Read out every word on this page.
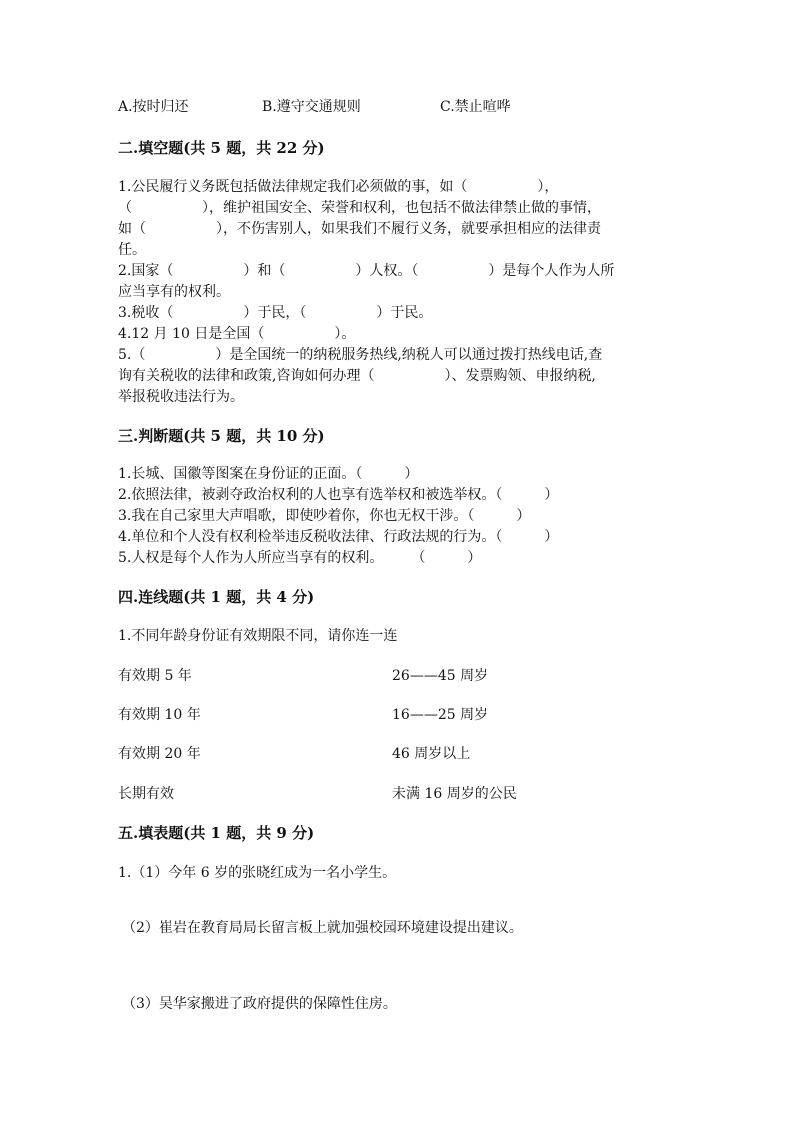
A.按时归还	B.遵守交通规则	C.禁止喧哗
二.填空题(共 5 题，共 22 分)
1.公民履行义务既包括做法律规定我们必须做的事，如（　　　　　），
（　　　　　），维护祖国安全、荣誉和权利，也包括不做法律禁止做的事情，
如（　　　　　），不伤害别人，如果我们不履行义务，就要承担相应的法律责
任。
2.国家（　　　　　）和（　　　　　）人权。（　　　　　）是每个人作为人所
应当享有的权利。
3.税收（　　　　　）于民，（　　　　　）于民。
4.12 月 10 日是全国（　　　　　）。
5.（　　　　　）是全国统一的纳税服务热线,纳税人可以通过拨打热线电话,查
询有关税收的法律和政策,咨询如何办理（　　　　　）、发票购领、申报纳税,
举报税收违法行为。
三.判断题(共 5 题，共 10 分)
1.长城、国徽等图案在身份证的正面。（　　　）
2.依照法律，被剥夺政治权利的人也享有选举权和被选举权。（　　　）
3.我在自己家里大声唱歌，即使吵着你，你也无权干涉。（　　　）
4.单位和个人没有权利检举违反税收法律、行政法规的行为。（　　　）
5.人权是每个人作为人所应当享有的权利。　　　（　　　）
四.连线题(共 1 题，共 4 分)
1.不同年龄身份证有效期限不同，请你连一连
有效期 5 年	26——45 周岁
有效期 10 年	16——25 周岁
有效期 20 年	46 周岁以上
长期有效	未满 16 周岁的公民
五.填表题(共 1 题，共 9 分)
1.（1）今年 6 岁的张晓红成为一名小学生。
（2）崔岩在教育局局长留言板上就加强校园环境建设提出建议。
（3）吴华家搬进了政府提供的保障性住房。
